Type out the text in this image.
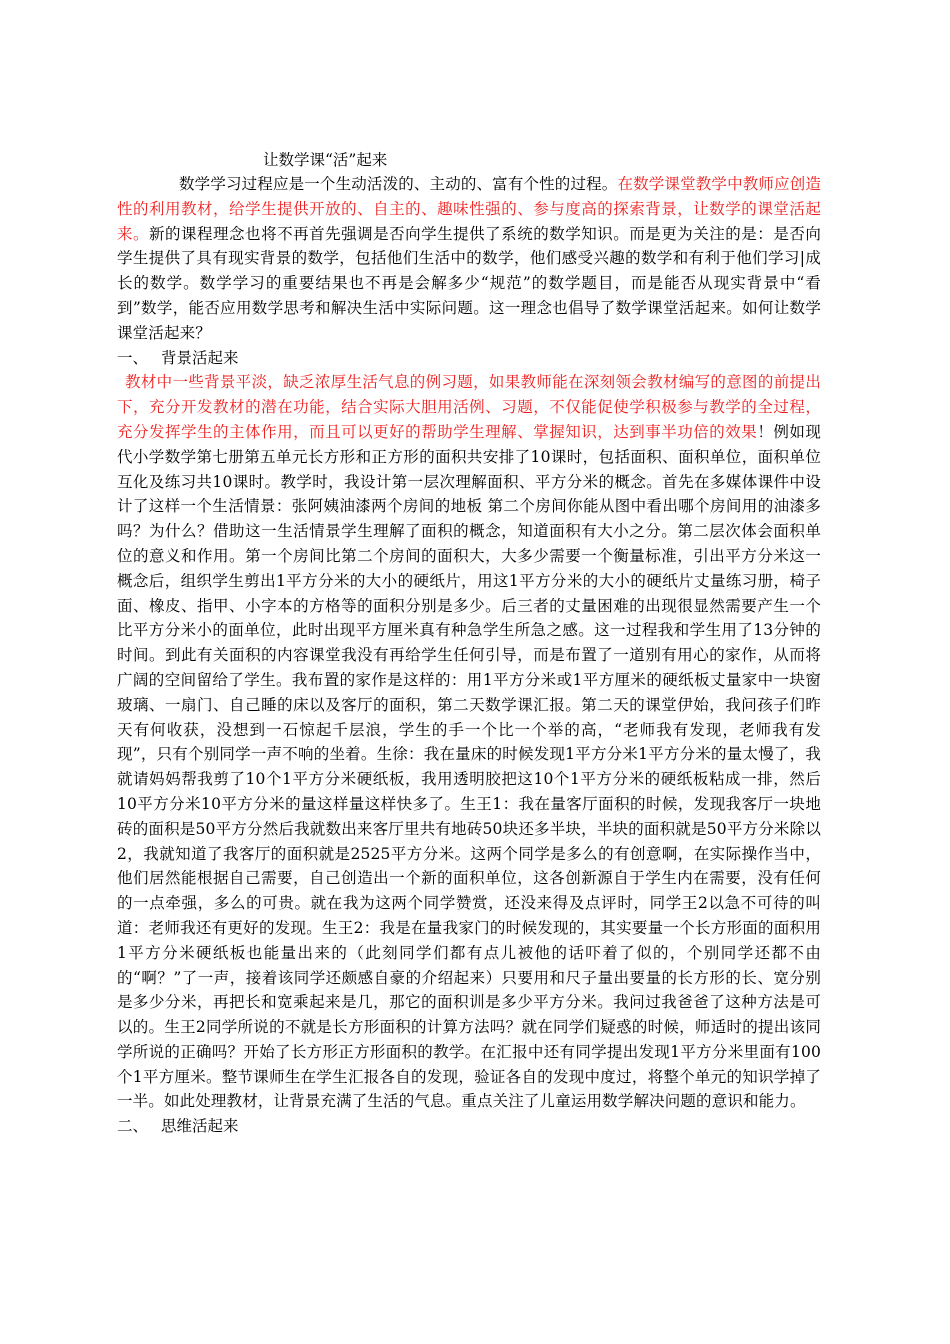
让数学课“活”起来

数学学习过程应是一个生动活泼的、主动的、富有个性的过程。在数学课堂教学中教师应创造性的利用教材，给学生提供开放的、自主的、趣味性强的、参与度高的探索背景，让数学的课堂活起来。新的课程理念也将不再首先强调是否向学生提供了系统的数学知识。而是更为关注的是：是否向学生提供了具有现实背景的数学，包括他们生活中的数学，他们感受兴趣的数学和有利于他们学习|成长的数学。数学学习的重要结果也不再是会解多少“规范”的数学题目，而是能否从现实背景中“看到”数学，能否应用数学思考和解决生活中实际问题。这一理念也倡导了数学课堂活起来。如何让数学课堂活起来？

一、 背景活起来

教材中一些背景平淡，缺乏浓厚生活气息的例习题，如果教师能在深刻领会教材编写的意图的前提出下，充分开发教材的潜在功能，结合实际大胆用活例、习题，不仅能促使学积极参与教学的全过程，充分发挥学生的主体作用，而且可以更好的帮助学生理解、掌握知识，达到事半功倍的效果！例如现代小学数学第七册第五单元长方形和正方形的面积共安排了10课时，包括面积、面积单位，面积单位互化及练习共10课时。教学时，我设计第一层次理解面积、平方分米的概念。首先在多媒体课件中设计了这样一个生活情景：张阿姨油漆两个房间的地板 第二个房间你能从图中看出哪个房间用的油漆多吗？为什么？借助这一生活情景学生理解了面积的概念，知道面积有大小之分。第二层次体会面积单位的意义和作用。第一个房间比第二个房间的面积大，大多少需要一个衡量标准，引出平方分米这一概念后，组织学生剪出1平方分米的大小的硬纸片，用这1平方分米的大小的硬纸片丈量练习册，椅子面、橡皮、指甲、小字本的方格等的面积分别是多少。后三者的丈量困难的出现很显然需要产生一个比平方分米小的面单位，此时出现平方厘米真有种急学生所急之感。这一过程我和学生用了13分钟的时间。到此有关面积的内容课堂我没有再给学生任何引导，而是布置了一道别有用心的家作，从而将广阔的空间留给了学生。我布置的家作是这样的：用1平方分米或1平方厘米的硬纸板丈量家中一块窗玻璃、一扇门、自己睡的床以及客厅的面积，第二天数学课汇报。第二天的课堂伊始，我问孩子们昨天有何收获，没想到一石惊起千层浪，学生的手一个比一个举的高，“老师我有发现，老师我有发现”，只有个别同学一声不响的坐着。生徐：我在量床的时候发现1平方分米1平方分米的量太慢了，我就请妈妈帮我剪了10个1平方分米硬纸板，我用透明胶把这10个1平方分米的硬纸板粘成一排，然后10平方分米10平方分米的量这样量这样快多了。生王1：我在量客厅面积的时候，发现我客厅一块地砖的面积是50平方分然后我就数出来客厅里共有地砖50块还多半块，半块的面积就是50平方分米除以2，我就知道了我客厅的面积就是2525平方分米。这两个同学是多么的有创意啊，在实际操作当中，他们居然能根据自己需要，自己创造出一个新的面积单位，这各创新源自于学生内在需要，没有任何的一点牵强，多么的可贵。就在我为这两个同学赞赏，还没来得及点评时，同学王2以急不可待的叫道：老师我还有更好的发现。生王2：我是在量我家门的时候发现的，其实要量一个长方形面的面积用1平方分米硬纸板也能量出来的（此刻同学们都有点儿被他的话吓着了似的，个别同学还都不由的“啊？”了一声，接着该同学还颇感自豪的介绍起来）只要用和尺子量出要量的长方形的长、宽分别是多少分米，再把长和宽乘起来是几，那它的面积训是多少平方分米。我问过我爸爸了这种方法是可以的。生王2同学所说的不就是长方形面积的计算方法吗？就在同学们疑惑的时候，师适时的提出该同学所说的正确吗？开始了长方形正方形面积的教学。在汇报中还有同学提出发现1平方分米里面有100个1平方厘米。整节课师生在学生汇报各自的发现，验证各自的发现中度过，将整个单元的知识学掉了一半。如此处理教材，让背景充满了生活的气息。重点关注了儿童运用数学解决问题的意识和能力。

二、 思维活起来
